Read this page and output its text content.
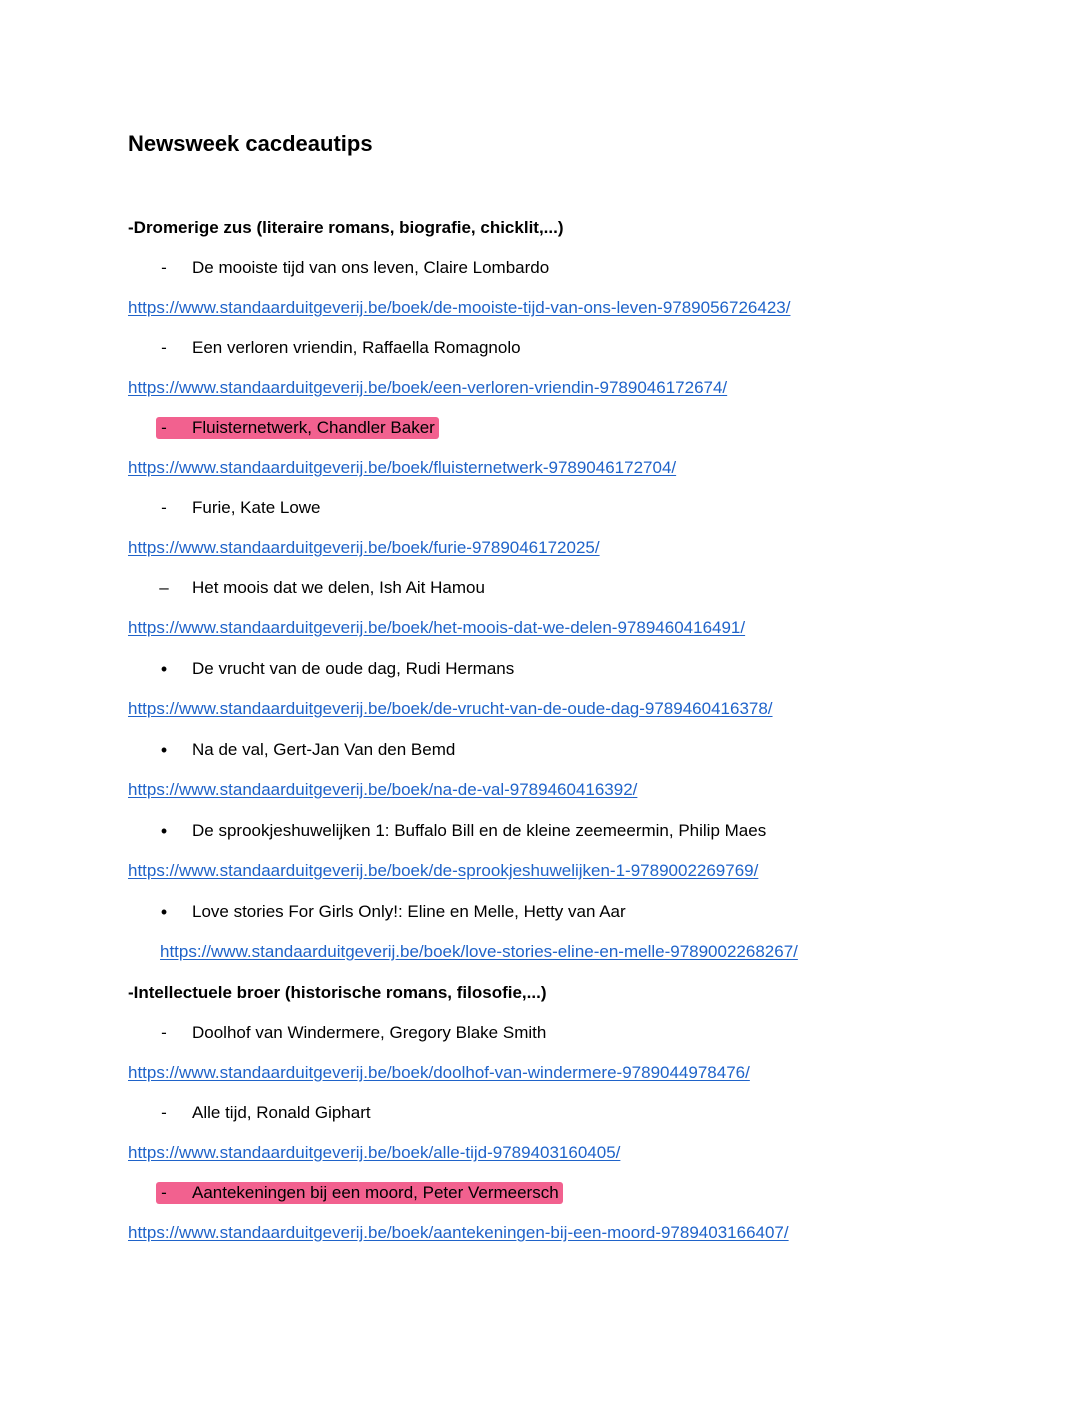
Newsweek cacdeautips
-Dromerige zus (literaire romans, biografie, chicklit,...)
-	De mooiste tijd van ons leven, Claire Lombardo
https://www.standaarduitgeverij.be/boek/de-mooiste-tijd-van-ons-leven-9789056726423/
-	Een verloren vriendin, Raffaella Romagnolo
https://www.standaarduitgeverij.be/boek/een-verloren-vriendin-9789046172674/
-	Fluisternetwerk, Chandler Baker
https://www.standaarduitgeverij.be/boek/fluisternetwerk-9789046172704/
-	Furie, Kate Lowe
https://www.standaarduitgeverij.be/boek/furie-9789046172025/
– Het moois dat we delen, Ish Ait Hamou
https://www.standaarduitgeverij.be/boek/het-moois-dat-we-delen-9789460416491/
• De vrucht van de oude dag, Rudi Hermans
https://www.standaarduitgeverij.be/boek/de-vrucht-van-de-oude-dag-9789460416378/
• Na de val, Gert-Jan Van den Bemd
https://www.standaarduitgeverij.be/boek/na-de-val-9789460416392/
• De sprookjeshuwelijken 1: Buffalo Bill en de kleine zeemeermin, Philip Maes
https://www.standaarduitgeverij.be/boek/de-sprookjeshuwelijken-1-9789002269769/
• Love stories For Girls Only!: Eline en Melle, Hetty van Aar
https://www.standaarduitgeverij.be/boek/love-stories-eline-en-melle-9789002268267/
-Intellectuele broer (historische romans, filosofie,...)
-	Doolhof van Windermere, Gregory Blake Smith
https://www.standaarduitgeverij.be/boek/doolhof-van-windermere-9789044978476/
-	Alle tijd, Ronald Giphart
https://www.standaarduitgeverij.be/boek/alle-tijd-9789403160405/
-	Aantekeningen bij een moord, Peter Vermeersch
https://www.standaarduitgeverij.be/boek/aantekeningen-bij-een-moord-9789403166407/
